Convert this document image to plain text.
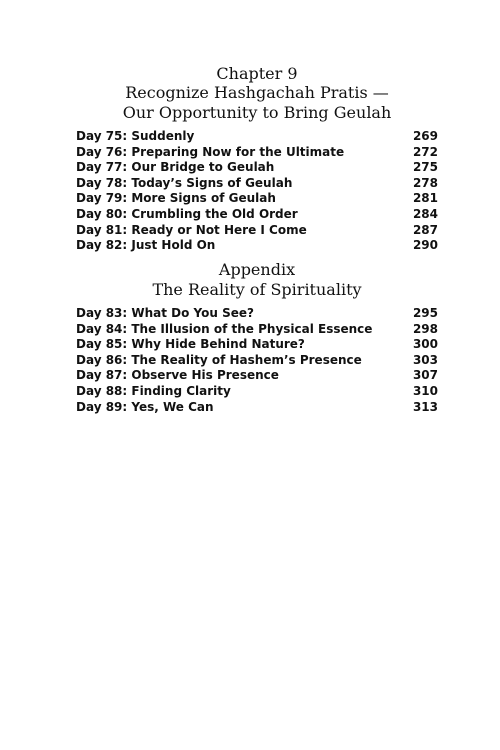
Chapter 9
Recognize Hashgachah Pratis —
Our Opportunity to Bring Geulah
Day 75: Suddenly	269
Day 76: Preparing Now for the Ultimate	272
Day 77: Our Bridge to Geulah	275
Day 78: Today’s Signs of Geulah	278
Day 79: More Signs of Geulah	281
Day 80: Crumbling the Old Order	284
Day 81: Ready or Not Here I Come	287
Day 82: Just Hold On	290
Appendix
The Reality of Spirituality
Day 83: What Do You See?	295
Day 84: The Illusion of the Physical Essence	298
Day 85: Why Hide Behind Nature?	300
Day 86: The Reality of Hashem’s Presence	303
Day 87: Observe His Presence	307
Day 88: Finding Clarity	310
Day 89: Yes, We Can	313
